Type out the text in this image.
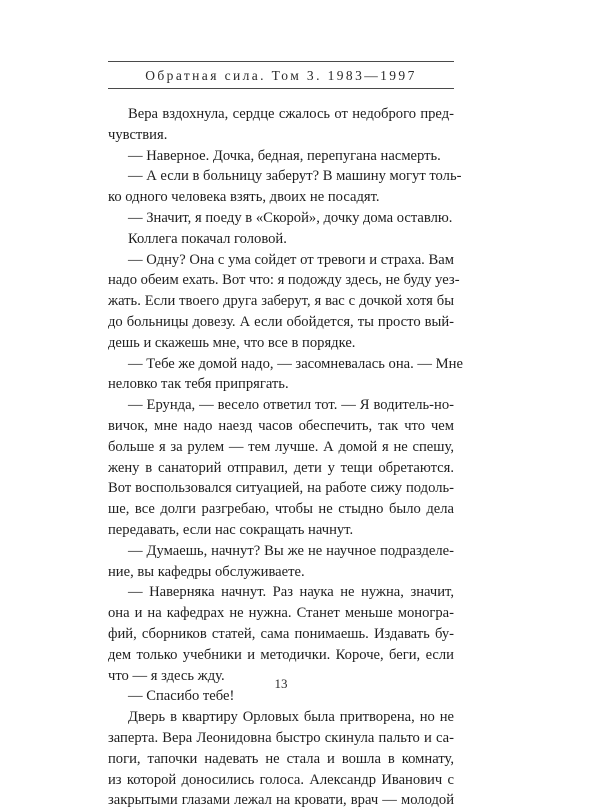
Обратная сила. Том 3. 1983—1997
Вера вздохнула, сердце сжалось от недоброго пред-
чувствия.
— Наверное. Дочка, бедная, перепугана насмерть.
— А если в больницу заберут? В машину могут толь-
ко одного человека взять, двоих не посадят.
— Значит, я поеду в «Скорой», дочку дома оставлю.
Коллега покачал головой.
— Одну? Она с ума сойдет от тревоги и страха. Вам
надо обеим ехать. Вот что: я подожду здесь, не буду уез-
жать. Если твоего друга заберут, я вас с дочкой хотя бы
до больницы довезу. А если обойдется, ты просто вый-
дешь и скажешь мне, что все в порядке.
— Тебе же домой надо, — засомневалась она. — Мне
неловко так тебя припрягать.
— Ерунда, — весело ответил тот. — Я водитель-но-
вичок, мне надо наезд часов обеспечить, так что чем
больше я за рулем — тем лучше. А домой я не спешу,
жену в санаторий отправил, дети у тещи обретаются.
Вот воспользовался ситуацией, на работе сижу подоль-
ше, все долги разгребаю, чтобы не стыдно было дела
передавать, если нас сокращать начнут.
— Думаешь, начнут? Вы же не научное подразделе-
ние, вы кафедры обслуживаете.
— Наверняка начнут. Раз наука не нужна, значит,
она и на кафедрах не нужна. Станет меньше моногра-
фий, сборников статей, сама понимаешь. Издавать бу-
дем только учебники и методички. Короче, беги, если
что — я здесь жду.
— Спасибо тебе!
Дверь в квартиру Орловых была притворена, но не
заперта. Вера Леонидовна быстро скинула пальто и са-
поги, тапочки надевать не стала и вошла в комнату,
из которой доносились голоса. Александр Иванович с
закрытыми глазами лежал на кровати, врач — молодой
13
